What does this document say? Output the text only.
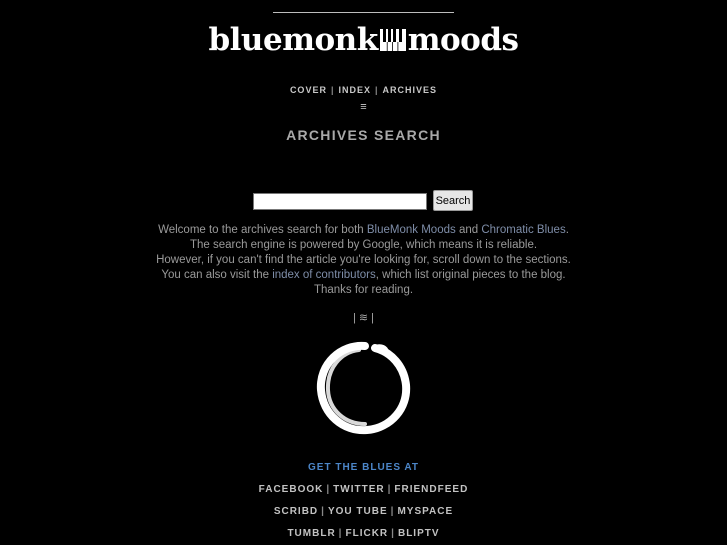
bluemonk moods
COVER | INDEX | ARCHIVES
≡
ARCHIVES SEARCH
Search
Welcome to the archives search for both BlueMonk Moods and Chromatic Blues.
The search engine is powered by Google, which means it is reliable.
However, if you can't find the article you're looking for, scroll down to the sections.
You can also visit the index of contributors, which list original pieces to the blog.
Thanks for reading.
| ≋ |
GET THE BLUES AT
FACEBOOK | TWITTER | FRIENDFEED
SCRIBD | YOU TUBE | MYSPACE
TUMBLR | FLICKR | BLIPTV
